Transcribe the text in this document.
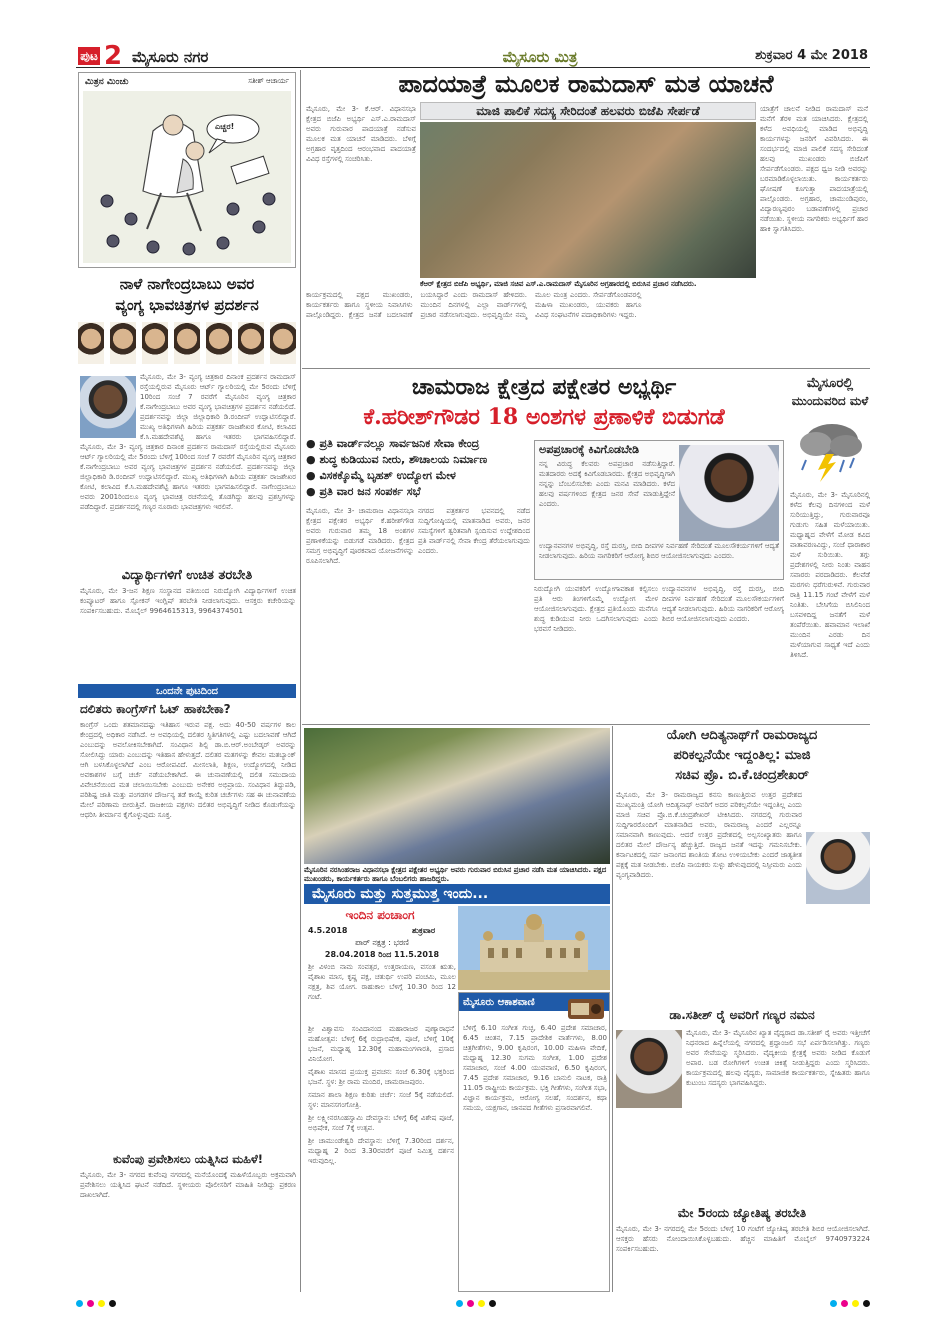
ಪುಟ 2 ಮೈಸೂರು ನಗರ	ಮೈಸೂರು ಮಿತ್ರ	ಶುಕ್ರವಾರ 4 ಮೇ 2018
ಮಿತ್ರನ ಮಿಂಚು	ಸತೀಶ್ ಆಚಾರ್ಯ
ಎಚ್ಚರ!
ನಾಳೆ ನಾಗೇಂದ್ರಬಾಬು ಅವರ
ವ್ಯಂಗ್ಯ ಭಾವಚಿತ್ರಗಳ ಪ್ರದರ್ಶನ
ಮೈಸೂರು, ಮೇ 3- ವ್ಯಂಗ್ಯ ಚಿತ್ರಕಾರ ದಿನಾಂಕ ಪ್ರದರ್ಶನ ರಾಮದಾಸ್ ರಸ್ತೆಯಲ್ಲಿರುವ ಮೈಸೂರು ಆರ್ಟ್ ಗ್ಯಾಲರಿಯಲ್ಲಿ ಮೇ 5ರಂದು ಬೆಳಿಗ್ಗೆ 10ರಿಂದ ಸಂಜೆ 7 ರವರೆಗೆ ಮೈಸೂರಿನ ವ್ಯಂಗ್ಯ ಚಿತ್ರಕಾರ ಕೆ.ನಾಗೇಂದ್ರಬಾಬು ಅವರ ವ್ಯಂಗ್ಯ ಭಾವಚಿತ್ರಗಳ ಪ್ರದರ್ಶನ ನಡೆಯಲಿದೆ. ಪ್ರದರ್ಶನವನ್ನು ಜಿಲ್ಲಾ ಜಿಲ್ಲಾಧಿಕಾರಿ ಡಿ.ರಂದೀಪ್ ಉದ್ಘಾಟಿಸಲಿದ್ದಾರೆ. ಮುಖ್ಯ ಅತಿಥಿಗಳಾಗಿ ಹಿರಿಯ ಪತ್ರಕರ್ತ ರಾಜಶೇಖರ ಕೋಟಿ, ಕಲಾವಿದ ಕೆ.ಸಿ.ಮಹದೇವಶೆಟ್ಟಿ ಹಾಗೂ ಇತರರು ಭಾಗವಹಿಸಲಿದ್ದಾರೆ.
ಮೈಸೂರು, ಮೇ 3- ವ್ಯಂಗ್ಯ ಚಿತ್ರಕಾರ ದಿನಾಂಕ ಪ್ರದರ್ಶನ ರಾಮದಾಸ್ ರಸ್ತೆಯಲ್ಲಿರುವ ಮೈಸೂರು ಆರ್ಟ್ ಗ್ಯಾಲರಿಯಲ್ಲಿ ಮೇ 5ರಂದು ಬೆಳಿಗ್ಗೆ 10ರಿಂದ ಸಂಜೆ 7 ರವರೆಗೆ ಮೈಸೂರಿನ ವ್ಯಂಗ್ಯ ಚಿತ್ರಕಾರ ಕೆ.ನಾಗೇಂದ್ರಬಾಬು ಅವರ ವ್ಯಂಗ್ಯ ಭಾವಚಿತ್ರಗಳ ಪ್ರದರ್ಶನ ನಡೆಯಲಿದೆ. ಪ್ರದರ್ಶನವನ್ನು ಜಿಲ್ಲಾ ಜಿಲ್ಲಾಧಿಕಾರಿ ಡಿ.ರಂದೀಪ್ ಉದ್ಘಾಟಿಸಲಿದ್ದಾರೆ. ಮುಖ್ಯ ಅತಿಥಿಗಳಾಗಿ ಹಿರಿಯ ಪತ್ರಕರ್ತ ರಾಜಶೇಖರ ಕೋಟಿ, ಕಲಾವಿದ ಕೆ.ಸಿ.ಮಹದೇವಶೆಟ್ಟಿ ಹಾಗೂ ಇತರರು ಭಾಗವಹಿಸಲಿದ್ದಾರೆ. ನಾಗೇಂದ್ರಬಾಬು ಅವರು 2001ರಿಂದಲೂ ವ್ಯಂಗ್ಯ ಭಾವಚಿತ್ರ ರಚನೆಯಲ್ಲಿ ತೊಡಗಿದ್ದು ಹಲವು ಪ್ರಶಸ್ತಿಗಳನ್ನು ಪಡೆದಿದ್ದಾರೆ. ಪ್ರದರ್ಶನದಲ್ಲಿ ಗಣ್ಯರ ನೂರಾರು ಭಾವಚಿತ್ರಗಳು ಇರಲಿವೆ.
ವಿದ್ಯಾರ್ಥಿಗಳಿಗೆ ಉಚಿತ ತರಬೇತಿ
ಮೈಸೂರು, ಮೇ 3-ಜನ ಶಿಕ್ಷಣ ಸಂಸ್ಥಾನದ ವತಿಯಿಂದ ನಿರುದ್ಯೋಗಿ ವಿದ್ಯಾರ್ಥಿಗಳಿಗೆ ಉಚಿತ ಕಂಪ್ಯೂಟರ್ ಹಾಗೂ ಸ್ಪೋಕನ್ ಇಂಗ್ಲಿಷ್ ತರಬೇತಿ ನೀಡಲಾಗುವುದು. ಆಸಕ್ತರು ಕಚೇರಿಯನ್ನು ಸಂಪರ್ಕಿಸಬಹುದು. ಮೊಬೈಲ್ 9964615313, 9964374501
ಒಂದನೇ ಪುಟದಿಂದ
ದಲಿತರು ಕಾಂಗ್ರೆಸ್‌ಗೆ ಓಟ್ ಹಾಕಬೇಕಾ?
ಕಾಂಗ್ರೆಸ್ ಒಂದು ಶತಮಾನದಷ್ಟು ಇತಿಹಾಸ ಇರುವ ಪಕ್ಷ. ಅದು 40-50 ವರ್ಷಗಳ ಕಾಲ ಕೇಂದ್ರದಲ್ಲಿ ಅಧಿಕಾರ ನಡೆಸಿದೆ. ಆ ಅವಧಿಯಲ್ಲಿ ದಲಿತರ ಸ್ಥಿತಿಗತಿಗಳಲ್ಲಿ ಎಷ್ಟು ಬದಲಾವಣೆ ಆಗಿದೆ ಎಂಬುದನ್ನು ಅವಲೋಕಿಸಬೇಕಾಗಿದೆ. ಸಂವಿಧಾನ ಶಿಲ್ಪಿ ಡಾ.ಬಿ.ಆರ್.ಅಂಬೇಡ್ಕರ್ ಅವರನ್ನು ಸೋಲಿಸಿದ್ದು ಯಾರು ಎಂಬುದನ್ನು ಇತಿಹಾಸ ಹೇಳುತ್ತದೆ. ದಲಿತರ ಮತಗಳನ್ನು ಕೇವಲ ಮತಬ್ಯಾಂಕ್ ಆಗಿ ಬಳಸಿಕೊಳ್ಳಲಾಗಿದೆ ಎಂಬ ಆರೋಪವಿದೆ. ಮೀಸಲಾತಿ, ಶಿಕ್ಷಣ, ಉದ್ಯೋಗದಲ್ಲಿ ನೀಡಿದ ಅವಕಾಶಗಳ ಬಗ್ಗೆ ಚರ್ಚೆ ನಡೆಯಬೇಕಾಗಿದೆ. ಈ ಚುನಾವಣೆಯಲ್ಲಿ ದಲಿತ ಸಮುದಾಯ ವಿವೇಚನೆಯಿಂದ ಮತ ಚಲಾಯಿಸಬೇಕು ಎಂಬುದು ಅನೇಕರ ಅಭಿಪ್ರಾಯ. ಸಂವಿಧಾನ ತಿದ್ದುಪಡಿ, ಪರಿಶಿಷ್ಟ ಜಾತಿ ಮತ್ತು ಪಂಗಡಗಳ ದೌರ್ಜನ್ಯ ತಡೆ ಕಾಯ್ದೆ ಕುರಿತ ಚರ್ಚೆಗಳು ಸಹ ಈ ಚುನಾವಣೆಯ ಮೇಲೆ ಪರಿಣಾಮ ಬೀರುತ್ತಿವೆ. ರಾಜಕೀಯ ಪಕ್ಷಗಳು ದಲಿತರ ಅಭಿವೃದ್ಧಿಗೆ ನೀಡಿದ ಕೊಡುಗೆಯನ್ನು ಆಧರಿಸಿ ತೀರ್ಮಾನ ಕೈಗೊಳ್ಳುವುದು ಸೂಕ್ತ.
ಕುವೆಂಪು ಪ್ರವೇಶಿಸಲು ಯತ್ನಿಸಿದ ಮಹಿಳೆ!
ಮೈಸೂರು, ಮೇ 3- ನಗರದ ಕುವೆಂಪು ನಗರದಲ್ಲಿ ಮನೆಯೊಂದಕ್ಕೆ ಮಹಿಳೆಯೊಬ್ಬರು ಅಕ್ರಮವಾಗಿ ಪ್ರವೇಶಿಸಲು ಯತ್ನಿಸಿದ ಘಟನೆ ನಡೆದಿದೆ. ಸ್ಥಳೀಯರು ಪೊಲೀಸರಿಗೆ ಮಾಹಿತಿ ನೀಡಿದ್ದು ಪ್ರಕರಣ ದಾಖಲಾಗಿದೆ.
ಪಾದಯಾತ್ರೆ ಮೂಲಕ ರಾಮದಾಸ್ ಮತ ಯಾಚನೆ
ಮೈಸೂರು, ಮೇ 3- ಕೆ.ಆರ್. ವಿಧಾನಸಭಾ ಕ್ಷೇತ್ರದ ಬಿಜೆಪಿ ಅಭ್ಯರ್ಥಿ ಎಸ್.ಎ.ರಾಮದಾಸ್ ಅವರು ಗುರುವಾರ ಪಾದಯಾತ್ರೆ ನಡೆಸುವ ಮೂಲಕ ಮತ ಯಾಚನೆ ಮಾಡಿದರು. ಬೆಳಿಗ್ಗೆ ಅಗ್ರಹಾರ ವೃತ್ತದಿಂದ ಆರಂಭವಾದ ಪಾದಯಾತ್ರೆ ವಿವಿಧ ರಸ್ತೆಗಳಲ್ಲಿ ಸಂಚರಿಸಿತು.
ಮಾಜಿ ಪಾಲಿಕೆ ಸದಸ್ಯ ಸೇರಿದಂತೆ ಹಲವರು ಬಿಜೆಪಿ ಸೇರ್ಪಡೆ
ಕೆಆರ್ ಕ್ಷೇತ್ರದ ಬಿಜೆಪಿ ಅಭ್ಯರ್ಥಿ, ಮಾಜಿ ಸಚಿವ ಎಸ್.ಎ.ರಾಮದಾಸ್ ಮೈಸೂರಿನ ಅಗ್ರಹಾರದಲ್ಲಿ ಬಿರುಸಿನ ಪ್ರಚಾರ ನಡೆಸಿದರು.
ಯಾತ್ರೆಗೆ ಚಾಲನೆ ನೀಡಿದ ರಾಮದಾಸ್ ಮನೆ ಮನೆಗೆ ತೆರಳಿ ಮತ ಯಾಚಿಸಿದರು. ಕ್ಷೇತ್ರದಲ್ಲಿ ಕಳೆದ ಅವಧಿಯಲ್ಲಿ ಮಾಡಿದ ಅಭಿವೃದ್ಧಿ ಕಾರ್ಯಗಳನ್ನು ಜನರಿಗೆ ವಿವರಿಸಿದರು. ಈ ಸಂದರ್ಭದಲ್ಲಿ ಮಾಜಿ ಪಾಲಿಕೆ ಸದಸ್ಯ ಸೇರಿದಂತೆ ಹಲವು ಮುಖಂಡರು ಬಿಜೆಪಿಗೆ ಸೇರ್ಪಡೆಗೊಂಡರು. ಪಕ್ಷದ ಧ್ವಜ ನೀಡಿ ಅವರನ್ನು ಬರಮಾಡಿಕೊಳ್ಳಲಾಯಿತು. ಕಾರ್ಯಕರ್ತರು ಘೋಷಣೆ ಕೂಗುತ್ತಾ ಪಾದಯಾತ್ರೆಯಲ್ಲಿ ಪಾಲ್ಗೊಂಡರು. ಅಗ್ರಹಾರ, ಚಾಮುಂಡಿಪುರಂ, ವಿದ್ಯಾರಣ್ಯಪುರಂ ಬಡಾವಣೆಗಳಲ್ಲಿ ಪ್ರಚಾರ ನಡೆಯಿತು. ಸ್ಥಳೀಯ ನಾಗರಿಕರು ಅಭ್ಯರ್ಥಿಗೆ ಹಾರ ಹಾಕಿ ಸ್ವಾಗತಿಸಿದರು.
ಕಾರ್ಯಕ್ರಮದಲ್ಲಿ ಪಕ್ಷದ ಮುಖಂಡರು, ಕಾರ್ಯಕರ್ತರು ಹಾಗೂ ಸ್ಥಳೀಯ ನಿವಾಸಿಗಳು ಪಾಲ್ಗೊಂಡಿದ್ದರು. ಕ್ಷೇತ್ರದ ಜನತೆ ಬದಲಾವಣೆ ಬಯಸಿದ್ದಾರೆ ಎಂದು ರಾಮದಾಸ್ ಹೇಳಿದರು. ಮುಂದಿನ ದಿನಗಳಲ್ಲಿ ಎಲ್ಲಾ ವಾರ್ಡ್‌ಗಳಲ್ಲಿ ಪ್ರಚಾರ ನಡೆಸಲಾಗುವುದು. ಅಭಿವೃದ್ಧಿಯೇ ನಮ್ಮ ಮೂಲ ಮಂತ್ರ ಎಂದರು. ಸೇರ್ಪಡೆಗೊಂಡವರಲ್ಲಿ ಮಹಿಳಾ ಮುಖಂಡರು, ಯುವಕರು ಹಾಗೂ ವಿವಿಧ ಸಂಘಟನೆಗಳ ಪದಾಧಿಕಾರಿಗಳು ಇದ್ದರು.
ಚಾಮರಾಜ ಕ್ಷೇತ್ರದ ಪಕ್ಷೇತರ ಅಭ್ಯರ್ಥಿ
ಕೆ.ಹರೀಶ್‌ಗೌಡರ 18 ಅಂಶಗಳ ಪ್ರಣಾಳಿಕೆ ಬಿಡುಗಡೆ
● ಪ್ರತಿ ವಾರ್ಡ್‌ನಲ್ಲೂ ಸಾರ್ವಜನಿಕ ಸೇವಾ ಕೇಂದ್ರ
● ಶುದ್ಧ ಕುಡಿಯುವ ನೀರು, ಶೌಚಾಲಯ ನಿರ್ಮಾಣ
● ವಿಸಕಕ್ಕೊಮ್ಮೆ ಬೃಹತ್ ಉದ್ಯೋಗ ಮೇಳ
● ಪ್ರತಿ ವಾರ ಜನ ಸಂಪರ್ಕ ಸಭೆ
ಅಪಪ್ರಚಾರಕ್ಕೆ ಕಿವಿಗೊಡಬೇಡಿ
ನನ್ನ ವಿರುದ್ಧ ಕೆಲವರು ಅಪಪ್ರಚಾರ ನಡೆಸುತ್ತಿದ್ದಾರೆ. ಮತದಾರರು ಅದಕ್ಕೆ ಕಿವಿಗೊಡಬಾರದು. ಕ್ಷೇತ್ರದ ಅಭಿವೃದ್ಧಿಗಾಗಿ ನನ್ನನ್ನು ಬೆಂಬಲಿಸಬೇಕು ಎಂದು ಮನವಿ ಮಾಡಿದರು. ಕಳೆದ ಹಲವು ವರ್ಷಗಳಿಂದ ಕ್ಷೇತ್ರದ ಜನರ ಸೇವೆ ಮಾಡುತ್ತಿದ್ದೇನೆ ಎಂದರು.
ಉದ್ಯಾನವನಗಳ ಅಭಿವೃದ್ಧಿ, ರಸ್ತೆ ದುರಸ್ತಿ, ಬೀದಿ ದೀಪಗಳ ನಿರ್ವಹಣೆ ಸೇರಿದಂತೆ ಮೂಲಸೌಕರ್ಯಗಳಿಗೆ ಆದ್ಯತೆ ನೀಡಲಾಗುವುದು. ಹಿರಿಯ ನಾಗರಿಕರಿಗೆ ಆರೋಗ್ಯ ಶಿಬಿರ ಆಯೋಜಿಸಲಾಗುವುದು ಎಂದರು.
ಮೈಸೂರು, ಮೇ 3- ಚಾಮರಾಜ ವಿಧಾನಸಭಾ ಕ್ಷೇತ್ರದ ಪಕ್ಷೇತರ ಅಭ್ಯರ್ಥಿ ಕೆ.ಹರೀಶ್‌ಗೌಡ ಅವರು ಗುರುವಾರ ತಮ್ಮ 18 ಅಂಶಗಳ ಪ್ರಣಾಳಿಕೆಯನ್ನು ಬಿಡುಗಡೆ ಮಾಡಿದರು. ಕ್ಷೇತ್ರದ ಸಮಗ್ರ ಅಭಿವೃದ್ಧಿಗೆ ಪೂರಕವಾದ ಯೋಜನೆಗಳನ್ನು ರೂಪಿಸಲಾಗಿದೆ.
ನಗರದ ಪತ್ರಕರ್ತರ ಭವನದಲ್ಲಿ ನಡೆದ ಸುದ್ದಿಗೋಷ್ಠಿಯಲ್ಲಿ ಮಾತನಾಡಿದ ಅವರು, ಜನರ ಸಮಸ್ಯೆಗಳಿಗೆ ತ್ವರಿತವಾಗಿ ಸ್ಪಂದಿಸುವ ಉದ್ದೇಶದಿಂದ ಪ್ರತಿ ವಾರ್ಡ್‌ನಲ್ಲಿ ಸೇವಾ ಕೇಂದ್ರ ತೆರೆಯಲಾಗುವುದು ಎಂದರು.
ನಿರುದ್ಯೋಗಿ ಯುವಕರಿಗೆ ಉದ್ಯೋಗಾವಕಾಶ ಕಲ್ಪಿಸಲು ಪ್ರತಿ ಆರು ತಿಂಗಳಿಗೊಮ್ಮೆ ಉದ್ಯೋಗ ಮೇಳ ಆಯೋಜಿಸಲಾಗುವುದು. ಕ್ಷೇತ್ರದ ಪ್ರತಿಯೊಂದು ಮನೆಗೂ ಶುದ್ಧ ಕುಡಿಯುವ ನೀರು ಒದಗಿಸಲಾಗುವುದು ಎಂದು ಭರವಸೆ ನೀಡಿದರು.
ಉದ್ಯಾನವನಗಳ ಅಭಿವೃದ್ಧಿ, ರಸ್ತೆ ದುರಸ್ತಿ, ಬೀದಿ ದೀಪಗಳ ನಿರ್ವಹಣೆ ಸೇರಿದಂತೆ ಮೂಲಸೌಕರ್ಯಗಳಿಗೆ ಆದ್ಯತೆ ನೀಡಲಾಗುವುದು. ಹಿರಿಯ ನಾಗರಿಕರಿಗೆ ಆರೋಗ್ಯ ಶಿಬಿರ ಆಯೋಜಿಸಲಾಗುವುದು ಎಂದರು.
ಮೈಸೂರಲ್ಲಿ
ಮುಂದುವರಿದ ಮಳೆ
ಮೈಸೂರು, ಮೇ 3- ಮೈಸೂರಿನಲ್ಲಿ ಕಳೆದ ಕೆಲವು ದಿನಗಳಿಂದ ಮಳೆ ಸುರಿಯುತ್ತಿದ್ದು, ಗುರುವಾರವೂ ಗುಡುಗು ಸಹಿತ ಮಳೆಯಾಯಿತು. ಮಧ್ಯಾಹ್ನದ ವೇಳೆಗೆ ಮೋಡ ಕವಿದ ವಾತಾವರಣವಿದ್ದು, ಸಂಜೆ ಧಾರಾಕಾರ ಮಳೆ ಸುರಿಯಿತು. ತಗ್ಗು ಪ್ರದೇಶಗಳಲ್ಲಿ ನೀರು ನಿಂತು ವಾಹನ ಸವಾರರು ಪರದಾಡಿದರು. ಕೆಲವೆಡೆ ಮರಗಳು ಧರೆಗುರುಳಿವೆ. ಗುರುವಾರ ರಾತ್ರಿ 11.15 ಗಂಟೆ ವೇಳೆಗೆ ಮಳೆ ನಿಂತಿತು. ಬೇಸಿಗೆಯ ಬಿಸಿಲಿನಿಂದ ಬಸವಳಿದಿದ್ದ ಜನತೆಗೆ ಮಳೆ ತಂಪೆರೆಯಿತು. ಹವಾಮಾನ ಇಲಾಖೆ ಮುಂದಿನ ಎರಡು ದಿನ ಮಳೆಯಾಗುವ ಸಾಧ್ಯತೆ ಇದೆ ಎಂದು ತಿಳಿಸಿದೆ.
ಮೈಸೂರಿನ ನರಸಿಂಹರಾಜ ವಿಧಾನಸಭಾ ಕ್ಷೇತ್ರದ ಪಕ್ಷೇತರ ಅಭ್ಯರ್ಥಿ ಅವರು ಗುರುವಾರ ಬಿರುಸಿನ ಪ್ರಚಾರ ನಡೆಸಿ ಮತ ಯಾಚಿಸಿದರು. ಪಕ್ಷದ ಮುಖಂಡರು, ಕಾರ್ಯಕರ್ತರು ಹಾಗೂ ಬೆಂಬಲಿಗರು ಹಾಜರಿದ್ದರು.
ಯೋಗಿ ಆದಿತ್ಯನಾಥ್‌ಗೆ ರಾಮರಾಜ್ಯದ
ಪರಿಕಲ್ಪನೆಯೇ ಇದ್ದಂತಿಲ್ಲ: ಮಾಜಿ
ಸಚಿವ ಪ್ರೊ. ಬಿ.ಕೆ.ಚಂದ್ರಶೇಖರ್
ಮೈಸೂರು, ಮೇ 3- ರಾಮರಾಜ್ಯದ ಕನಸು ಕಾಣುತ್ತಿರುವ ಉತ್ತರ ಪ್ರದೇಶದ ಮುಖ್ಯಮಂತ್ರಿ ಯೋಗಿ ಆದಿತ್ಯನಾಥ್ ಅವರಿಗೆ ಅದರ ಪರಿಕಲ್ಪನೆಯೇ ಇದ್ದಂತಿಲ್ಲ ಎಂದು ಮಾಜಿ ಸಚಿವ ಪ್ರೊ.ಬಿ.ಕೆ.ಚಂದ್ರಶೇಖರ್ ಟೀಕಿಸಿದರು. ನಗರದಲ್ಲಿ ಗುರುವಾರ ಸುದ್ದಿಗಾರರೊಂದಿಗೆ ಮಾತನಾಡಿದ ಅವರು, ರಾಮರಾಜ್ಯ ಎಂದರೆ ಎಲ್ಲರನ್ನೂ ಸಮಾನವಾಗಿ ಕಾಣುವುದು. ಆದರೆ ಉತ್ತರ ಪ್ರದೇಶದಲ್ಲಿ ಅಲ್ಪಸಂಖ್ಯಾತರು ಹಾಗೂ ದಲಿತರ ಮೇಲೆ ದೌರ್ಜನ್ಯ ಹೆಚ್ಚುತ್ತಿದೆ. ರಾಜ್ಯದ ಜನತೆ ಇದನ್ನು ಗಮನಿಸಬೇಕು. ಕರ್ನಾಟಕದಲ್ಲಿ ಸರ್ವ ಜನಾಂಗದ ಶಾಂತಿಯ ತೋಟ ಉಳಿಯಬೇಕು ಎಂದರೆ ಜಾತ್ಯತೀತ ಪಕ್ಷಕ್ಕೆ ಮತ ನೀಡಬೇಕು. ಬಿಜೆಪಿ ನಾಯಕರು ಸುಳ್ಳು ಹೇಳುವುದರಲ್ಲಿ ನಿಸ್ಸೀಮರು ಎಂದು ವ್ಯಂಗ್ಯವಾಡಿದರು.
ಡಾ.ಸತೀಶ್ ರೈ ಅವರಿಗೆ ಗಣ್ಯರ ನಮನ
ಮೈಸೂರು, ಮೇ 3- ಮೈಸೂರಿನ ಖ್ಯಾತ ವೈದ್ಯರಾದ ಡಾ.ಸತೀಶ್ ರೈ ಅವರು ಇತ್ತೀಚೆಗೆ ನಿಧನರಾದ ಹಿನ್ನೆಲೆಯಲ್ಲಿ ನಗರದಲ್ಲಿ ಶ್ರದ್ಧಾಂಜಲಿ ಸಭೆ ಏರ್ಪಡಿಸಲಾಗಿತ್ತು. ಗಣ್ಯರು ಅವರ ಸೇವೆಯನ್ನು ಸ್ಮರಿಸಿದರು. ವೈದ್ಯಕೀಯ ಕ್ಷೇತ್ರಕ್ಕೆ ಅವರು ನೀಡಿದ ಕೊಡುಗೆ ಅಪಾರ. ಬಡ ರೋಗಿಗಳಿಗೆ ಉಚಿತ ಚಿಕಿತ್ಸೆ ನೀಡುತ್ತಿದ್ದರು ಎಂದು ಸ್ಮರಿಸಿದರು. ಕಾರ್ಯಕ್ರಮದಲ್ಲಿ ಹಲವು ವೈದ್ಯರು, ಸಾಮಾಜಿಕ ಕಾರ್ಯಕರ್ತರು, ಸ್ನೇಹಿತರು ಹಾಗೂ ಕುಟುಂಬ ಸದಸ್ಯರು ಭಾಗವಹಿಸಿದ್ದರು.
ಮೇ 5ರಂದು ಜ್ಯೋತಿಷ್ಯ ತರಬೇತಿ
ಮೈಸೂರು, ಮೇ 3- ನಗರದಲ್ಲಿ ಮೇ 5ರಂದು ಬೆಳಿಗ್ಗೆ 10 ಗಂಟೆಗೆ ಜ್ಯೋತಿಷ್ಯ ತರಬೇತಿ ಶಿಬಿರ ಆಯೋಜಿಸಲಾಗಿದೆ. ಆಸಕ್ತರು ಹೆಸರು ನೋಂದಾಯಿಸಿಕೊಳ್ಳಬಹುದು. ಹೆಚ್ಚಿನ ಮಾಹಿತಿಗೆ ಮೊಬೈಲ್ 9740973224 ಸಂಪರ್ಕಿಸಬಹುದು.
ಮೈಸೂರು ಮತ್ತು ಸುತ್ತಮುತ್ತ ಇಂದು...
ಇಂದಿನ ಪಂಚಾಂಗ
4.5.2018	ಶುಕ್ರವಾರ
ಪಾರ್ ನಕ್ಷತ್ರ : ಭರಣಿ
28.04.2018 ರಿಂದ 11.5.2018
ಶ್ರೀ ವಿಳಂಬಿ ನಾಮ ಸಂವತ್ಸರ, ಉತ್ತರಾಯಣ, ವಸಂತ ಋತು, ವೈಶಾಖ ಮಾಸ, ಕೃಷ್ಣ ಪಕ್ಷ, ಚತುರ್ಥಿ ಉಪರಿ ಪಂಚಮಿ, ಮೂಲ ನಕ್ಷತ್ರ, ಶಿವ ಯೋಗ. ರಾಹುಕಾಲ ಬೆಳಿಗ್ಗೆ 10.30 ರಿಂದ 12 ಗಂಟೆ.	ಮೈಸೂರು ಆಕಾಶವಾಣಿ
ಬೆಳಿಗ್ಗೆ 6.10 ಸಂಗೀತ ಗುಚ್ಛ, 6.40 ಪ್ರದೇಶ ಸಮಾಚಾರ, 6.45 ಚಿಂತನ, 7.15 ಪ್ರಾದೇಶಿಕ ವಾರ್ತೆಗಳು, 8.00 ಚಿತ್ರಗೀತೆಗಳು, 9.00 ಕೃಷಿರಂಗ, 10.00 ಮಹಿಳಾ ವೇದಿಕೆ, ಮಧ್ಯಾಹ್ನ 12.30 ಸುಗಮ ಸಂಗೀತ, 1.00 ಪ್ರದೇಶ ಸಮಾಚಾರ, ಸಂಜೆ 4.00 ಯುವವಾಣಿ, 6.50 ಕೃಷಿರಂಗ, 7.45 ಪ್ರದೇಶ ಸಮಾಚಾರ, 9.16 ಬಾನುಲಿ ನಾಟಕ, ರಾತ್ರಿ 11.05 ರಾಷ್ಟ್ರೀಯ ಕಾರ್ಯಕ್ರಮ. ಭಕ್ತಿ ಗೀತೆಗಳು, ಸಂಗೀತ ಸಭಾ, ವಿಜ್ಞಾನ ಕಾರ್ಯಕ್ರಮ, ಆರೋಗ್ಯ ಸಲಹೆ, ಸಂದರ್ಶನ, ಕಥಾ ಸಮಯ, ಯಕ್ಷಗಾನ, ಜಾನಪದ ಗೀತೆಗಳು ಪ್ರಸಾರವಾಗಲಿವೆ.
ಶ್ರೀ ವಿಶ್ವಾವಸು ಸಂವಿದಾನಂದ ಮಹಾರಾಜರ ಪುಣ್ಯಾರಾಧನೆ ಮಹೋತ್ಸವ: ಬೆಳಿಗ್ಗೆ 6ಕ್ಕೆ ರುದ್ರಾಭಿಷೇಕ, ಪೂಜೆ, ಬೆಳಿಗ್ಗೆ 10ಕ್ಕೆ ಭಜನೆ, ಮಧ್ಯಾಹ್ನ 12.30ಕ್ಕೆ ಮಹಾಮಂಗಳಾರತಿ, ಪ್ರಸಾದ ವಿನಿಯೋಗ.
ವೈಶಾಖ ಮಾಸದ ಪ್ರಯುಕ್ತ ಪ್ರವಚನ: ಸಂಜೆ 6.30ಕ್ಕೆ ಭಕ್ತರಿಂದ ಭಜನೆ. ಸ್ಥಳ: ಶ್ರೀ ರಾಮ ಮಂದಿರ, ಚಾಮರಾಜಪುರಂ.
ಸಮಾನ ಶಾಲಾ ಶಿಕ್ಷಣ ಕುರಿತು ಚರ್ಚೆ: ಸಂಜೆ 5ಕ್ಕೆ ನಡೆಯಲಿದೆ. ಸ್ಥಳ: ಮಾನಸಗಂಗೋತ್ರಿ.
ಶ್ರೀ ಲಕ್ಷ್ಮೀನರಸಿಂಹಸ್ವಾಮಿ ದೇವಸ್ಥಾನ: ಬೆಳಿಗ್ಗೆ 6ಕ್ಕೆ ವಿಶೇಷ ಪೂಜೆ, ಅಭಿಷೇಕ, ಸಂಜೆ 7ಕ್ಕೆ ಉತ್ಸವ.
ಶ್ರೀ ಚಾಮುಂಡೇಶ್ವರಿ ದೇವಸ್ಥಾನ: ಬೆಳಿಗ್ಗೆ 7.30ರಿಂದ ದರ್ಶನ, ಮಧ್ಯಾಹ್ನ 2 ರಿಂದ 3.30ರವರೆಗೆ ಪೂಜೆ ನಿಮಿತ್ತ ದರ್ಶನ ಇರುವುದಿಲ್ಲ.
